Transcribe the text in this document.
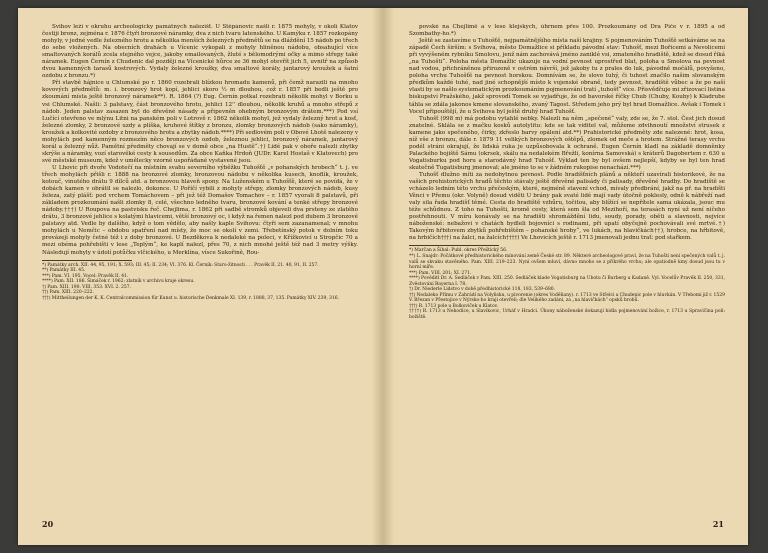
Svihov leží v okruhu archeologicky památných nalezišť. U Štěpánovic našli r. 1875 mohyly, v okolí Klatov čestiji bronz, zejména r. 1876 čtyři bronzové náramky, dva z nich tvaru latenského. U Kamýku r. 1857 rozkopány mohyly, v jedné vedle železného hrotu a několika menších železných předmětů se na dláždění 15 nádob po třech do sebe vložených. Na obecních drahách u Vícenic vykopali z mohyly hliněnou nádobu, obsahující více smaltovaných korálů zcela stejného vejce, jakoby emailovaných, žluté s bělomodrými očky a mimo střepy také náramek. Eugen Černín z Chudenic dal později na Vícenické hůrce ze 36 mohyl otevřít jich 5, uvnitř na způsob dvou kamenných tarasů kostrových. Vydaly železné kroužky, dva smaltové korály, jantarový kroužek a šatní ozdobu z bronzu.*)

Při stavbě hájnice u Chlumské po r. 1860 rozebrali blízkou hromadu kamenů, při čemž narazili na mnoho kovových předmětů: m. i. bronzový hrot kopí, jehlici skoro ½ m dlouhou, což r. 1857 při bedli ještě pro zkoumání místa ještě bronzový náramek**). R. 1864 (?) Eug. Černín potkal rozebrati několik mohyl v Borku u vsi Chlumské. Našli: 3 palstavy, část bronzového hrotu, jehlici 12'' dlouhou, několik kruhů a mnoho střepů z nádob. Jeden palstav zasazen byl do dřevěné násady a připevněn ohebným bronzovým drátem.***) Pod vsí Lučící otevřeno ve mlýnu Litni na panském poli v Lotrově r. 1862 několik mohyl, jež vydaly železný hrot a kosť, železné zlomky, 2 bronzové uzdy a plíška, kruhové štítky z bronzu, zlomky bronzových nádob (sako náramky), kroužek a kolkovité ozdoby z bronzového hrotu a zbytky nádob.****) Při sedlovém poli v Obové Lhotě nalezeny v mohylách pod kamenným rozmezím něco bronzových ozdob, železnou jehlici, bronzový náramek, jantarový korál a železný nůž. Pamětní předměty chovají se v domě obce „na Hustě“.†) Lidé pak v oboře nalezli zbytky skrýše a náramky, vozí starověké cesty k sousedům. Za obce Kaňka Hrdoň (JUDr. Karel Hostaš v Klatovech) pro své městské museum, kdež v umělecky vzorné uspořádané vystavené jsou.

U Lhovic při dvoře Vodotečí na místním svahu severního výběžku Tuhošťě „v pohanských hrobech“ t. j. ve třech mohylách přišli r. 1888 na bronzové zlomky, bronzovou nádobu v několika kusech, knoflík, kroužek, kotouč, vinutého drátu 9 dílců atd. a bronzovou hlaveň spony. Na Luženském u Tuhošťě, které se povídá, že v dobách kamen v obrátil se nalezlo, dokonce. U Poříčí vybili z mohyly střepy, zlomky bronzových nádob, kusy železa, zatý plášť: pod vrchem Tomáchovem – při jež též Domašov Tomachov – r. 1857 vyorali 8 palstavů, při základem prozkoumání našli zlomky 8, celé, všechno ledněho tvaru, bronzové kování a tenké střepy bronzové nádoby.†††) U Roupova na pastvisku řeč. Chejlima, r. 1862 při sadbě stromků objeveli dva prsteny ze zlatého drátu, 3 bronzové jehlice s kolatými hlavicemi, větší bronzový oc, i když na řemen nalezl pod dubem 3 bronzové palstavy atd. Vedle by dalšího, když o tom vědělo, aby našly kaple Svihovu: čtyři sem zazanamenal; v mnohu mohylách u Nemčic – obdobu spatření nad místy, že moc se okolí v zemi. Třebetínský potok v dolním toku provázejí mohyly četné též i z doby bronzové. U Bezděkova k nedaleké na poleci, v Křížkovicí u Stropčic 70 a mezi obéma pohřebišti v lese „Teplým“, ke kaplí nalezl, přes 70, z nich mnohé ještě též nad 3 metry výšky. Následují mohyly v údolí potůčku vlčického, u Merklína, vísce Sukořině, Rou-

*) Památky arch. XII. 44, 95, 191; X. 593; III. 45; II. 234; VI. 376. Kl. Černík: Staro-žitnosti . . . Pravěk II. 21. 40, 91, II. 257.

**) Památky III. 45.

***) Pam. VI. 195. Vocel: Pravěk II. 41.

****) Pam. XII. 186. Šimáček r. 1962: zlatník v archivu kraje okresu.

†) Pam. XIII. 190. VIII. 353. XVI. 2. 257.

††) Pam. XIII. 220–222.

†††) Mittheilungen der K. K. Centralcommission für Kunst u. historische Denkmale XI. 139, r. 1888, 37, 135. Památky XIV. 239, 316.

20

povské na Chejlimě a v lese klejských, úhrnem přes 100. Prozkoumány od Dra Píče v r. 1895 a od Szombathy-ho.*)

Ještě se zastavíme u Tuhošťě, nejpamátnějšího místa naší krajiny. S pojmenováním Tuhošťě setkáváme se na západě Čech širším: s Svihova, město Domažlice si příkladu pávodní stav: Tuhošť, mezi Bořicemi a Nevolicemi při vyvýšeném rybníku Smolovu, jenž nám zachovává jméno zaniklé vsi, zmateného hradiště, kdež se dosud říká „na Tuhošti“. Poloha města Domažlic ukazuje na vodní pevnost uprostřed blat, poloha u Smolova na pevnost nad vodou, přichráněnou přirozeně v ostrém návrší, jež jakoby tu z prales do luk, pávodně močálů, povyšeno, poloha vrchu Tuhošťě na pevnost horskou. Domnívám se, že slovo tuhý, či tuhost značilo našim slovanským předkům každé tuhé, nad jiné schopnější místo k vojenské obraně, tedy pevnost, hradiště vůbec a že po naší vlasti by se našlo systematickým prozkoumáním pojmenování tratí „tuhošť“ více. Přisvědčuje mi zřizovací listina biskupství Pražského, jakž sprovodí Tomek se vyjadřuje, že od bavorské říčky Chub (Chuby, Kouby) k Kladrube táhla se zdála jakonos kmene slovanského, zvaný Tagost. Středem jeho prý byl hrad Domažlice. Avšak i Tomek i Vocel připouštějí, že u Svihova byl ještě druhý hrad Tuhošť.

Tuhošť (998 m) má podobu vytahlé nebky. Nalezli na něm „spečené“ valy, zde se, že 7. stol. Čest jich dosud znatelné. Sklála se z mačku kosků autolylitu: kde se tak viditel val, můžeme zdvihnoutí množství strusek z kamene jako spečeného, čirky, zkřeslo barvy opálení atd.**) Prahistorické předměty zde nalezené: hrot, kosa, níž vše z bronzu, dále r. 1879 11 velikých bronzových oštěpů, zlomek od meče a hrotem. Strážné terasy vrchu podél stráni okrajují, že lidská ruka je uzpůsobovala k ochraně. Eugen Černín kladl na základě domněnky Palackého bojiště Sámu (okrsek, skálu na nedalekém Břežli, konírna Samovská) s kráterů Dagobertem r. 630 u Vogatisburku pod horu a starodávný hrad Tuhošť. Výklad ten by byl ovšem nejlepší, kdyby se byl ten hrad skutečně Tugatisburg jmenoval; ale jméno to se v žádném rukopise nenachází.***)

Tuhošť dlužno míti za nedobytnou pevnost. Podle hradišťních plánů a někteří uzavírali historikové, že na vašich prehistorických hradů těchto stávaly ještě dřevěné palisády či palisady, dřevěné hradby. Do hradiště se vcházelo ledním této vrchu přečeským, které, nejméně stavení vchod, mívaly předbrání, jakž na př. na hradišti Věnci v Přemu (okr. Volyně) dosud viděti U brány pak svaté lidé mají vady útočně poklesly, odně k nábřeží nad valy sila řada hradišť těmé. Cesta do hradiště vzhůru, točitou, aby blížící se nepřítele sama ukázala, jsouc mu téže schůdnou. Z toho na Tuhošti, kromě cesty, která sem šla od Mezihoří, na terasách nyní už není ničeho postřehnouti. V míru konávaly se na hradišti shromáždění lidu, soudy, porady, oběti a slavnosti, nejvíce náboženské: nebažovi v chatách bydleli bojovníci s rodinami, při upatí obyčejně pochovávali své mrtvé.†) Takovým hřbitovem zbytků pohřebištěm – pohanské hroby“, ve lukách, na hlavičkách††), hrobce, na hřbitově, na hrbičích†††) na žalci, na žalcích††††) Ve Lhovicích ještě r. 1713 jmenovali jednu trať: pod stařkem.

*) Marčan a Šíbal: Publ. okres Přeštický 56.

**) L. Snajdr: Počátkové předhistorického mínování země České str. 89. Některé archeologové praví, že na Tuhošti není spečených valů t. j. valů se skvaku stavěného. Pam. XIII. 219–223. Nyní ovšem mluví, dávno mnoho se z příkrého vrchu; ale opatiodně kmy dosud jsou tu v horní míře.

***) Pam. VIII. 201; XI. 271.

****) Pověditl Dr. A. Sedláček v Pam. XIII. 250. Sedláček klade Vogatisburg na Ubotu či Burberg u Kadaně. Vyl. Vocelův Pravěk II. 250, 331, Zvěstování Bayerna I. 78.

†) Dr. Niederle Lidstvo v době předhistorické 118, 183, 539–680.

††) Nedaleko Přímu v Zahrádí na Volyňsku, u pivorenie (okres Voděňany). r. 1713 ve Střelci a Chudenic pole v hluvkán. V Třebomi již r. 1529 V. Březan v Přestojice v Nýrsko-ho kraji otevřeli; dle Velikého zadání, za „na hlavičkách“ opsků hrobů.

†††) R. 1713 pole u Bolkoviček u Klatov.

††††) R. 1713 u Nehodíce, u Slavíkovic, Urháť v Hradci. Úkony náboženské dokazují bidla pojmenování božice, r. 1713 u Spravičina polí: božiště.

21
